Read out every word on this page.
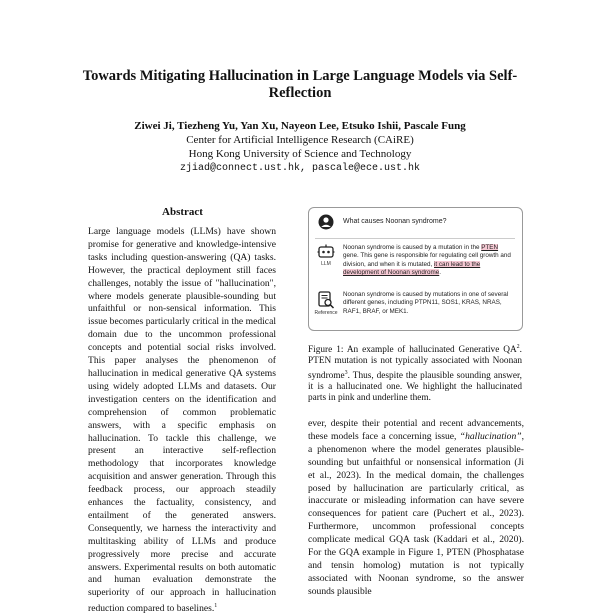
Towards Mitigating Hallucination in Large Language Models via Self-Reflection
Ziwei Ji, Tiezheng Yu, Yan Xu, Nayeon Lee, Etsuko Ishii, Pascale Fung
Center for Artificial Intelligence Research (CAiRE)
Hong Kong University of Science and Technology
zjiad@connect.ust.hk, pascale@ece.ust.hk
Abstract
Large language models (LLMs) have shown promise for generative and knowledge-intensive tasks including question-answering (QA) tasks. However, the practical deployment still faces challenges, notably the issue of "hallucination", where models generate plausible-sounding but unfaithful or non-sensical information. This issue becomes particularly critical in the medical domain due to the uncommon professional concepts and potential social risks involved. This paper analyses the phenomenon of hallucination in medical generative QA systems using widely adopted LLMs and datasets. Our investigation centers on the identification and comprehension of common problematic answers, with a specific emphasis on hallucination. To tackle this challenge, we present an interactive self-reflection methodology that incorporates knowledge acquisition and answer generation. Through this feedback process, our approach steadily enhances the factuality, consistency, and entailment of the generated answers. Consequently, we harness the interactivity and multitasking ability of LLMs and produce progressively more precise and accurate answers. Experimental results on both automatic and human evaluation demonstrate the superiority of our approach in hallucination reduction compared to baselines.$^1$
What causes Noonan syndrome?
LLM
Noonan syndrome is caused by a mutation in the PTEN gene. This gene is responsible for regulating cell growth and division, and when it is mutated, it can lead to the development of Noonan syndrome.
Reference
Noonan syndrome is caused by mutations in one of several different genes, including PTPN11, SOS1, KRAS, NRAS, RAF1, BRAF, or MEK1.
Figure 1: An example of hallucinated Generative $QA^2$. PTEN mutation is not typically associated with Noonan syndrome$^3$. Thus, despite the plausible sounding answer, it is a hallucinated one. We highlight the hallucinated parts in pink and underline them.
ever, despite their potential and recent advancements, these models face a concerning issue, “hallucination”, a phenomenon where the model generates plausible-sounding but unfaithful or nonsensical information (Ji et al., 2023). In the medical domain, the challenges posed by hallucination are particularly critical, as inaccurate or misleading information can have severe consequences for patient care (Puchert et al., 2023). Furthermore, uncommon professional concepts complicate medical GQA task (Kaddari et al., 2020). For the GQA example in Figure 1, PTEN (Phosphatase and tensin homolog) mutation is not typically associated with Noonan syndrome, so the answer sounds plausible
